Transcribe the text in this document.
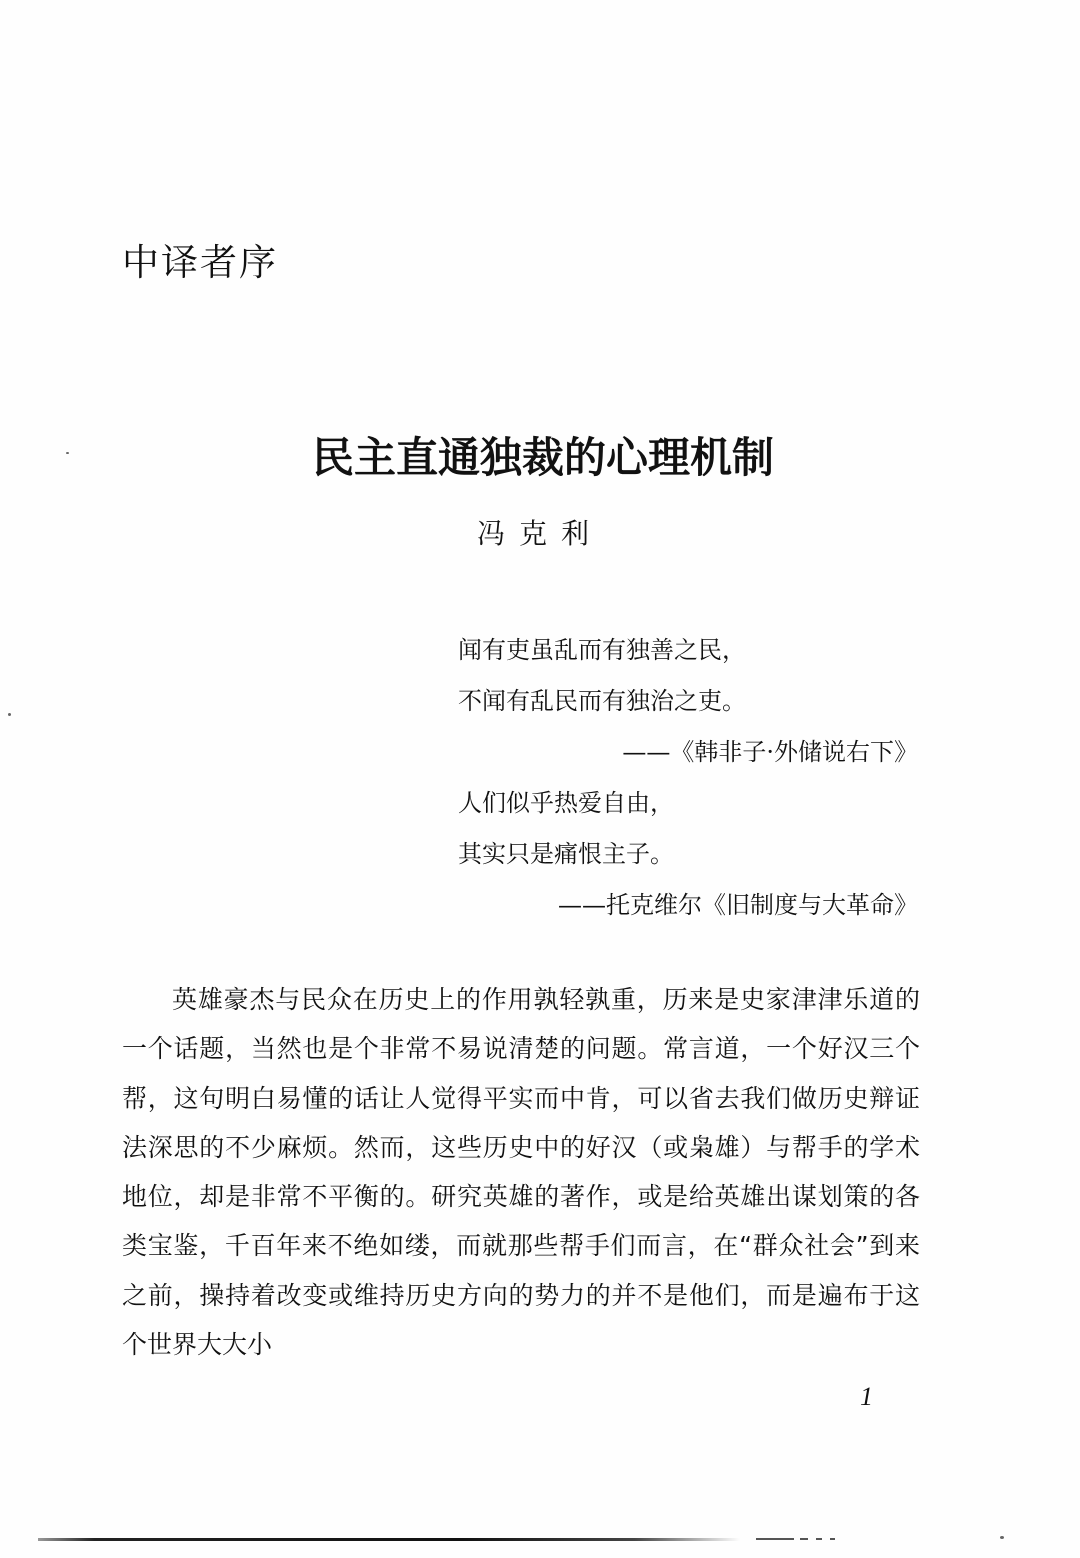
中译者序
民主直通独裁的心理机制
冯克利
闻有吏虽乱而有独善之民，
不闻有乱民而有独治之吏。
——《韩非子·外储说右下》
人们似乎热爱自由，
其实只是痛恨主子。
——托克维尔《旧制度与大革命》

英雄豪杰与民众在历史上的作用孰轻孰重，历来是史家津津乐道的一个话题，当然也是个非常不易说清楚的问题。常言道，一个好汉三个帮，这句明白易懂的话让人觉得平实而中肯，可以省去我们做历史辩证法深思的不少麻烦。然而，这些历史中的好汉（或枭雄）与帮手的学术地位，却是非常不平衡的。研究英雄的著作，或是给英雄出谋划策的各类宝鉴，千百年来不绝如缕，而就那些帮手们而言，在“群众社会”到来之前，操持着改变或维持历史方向的势力的并不是他们，而是遍布于这个世界大大小

1
